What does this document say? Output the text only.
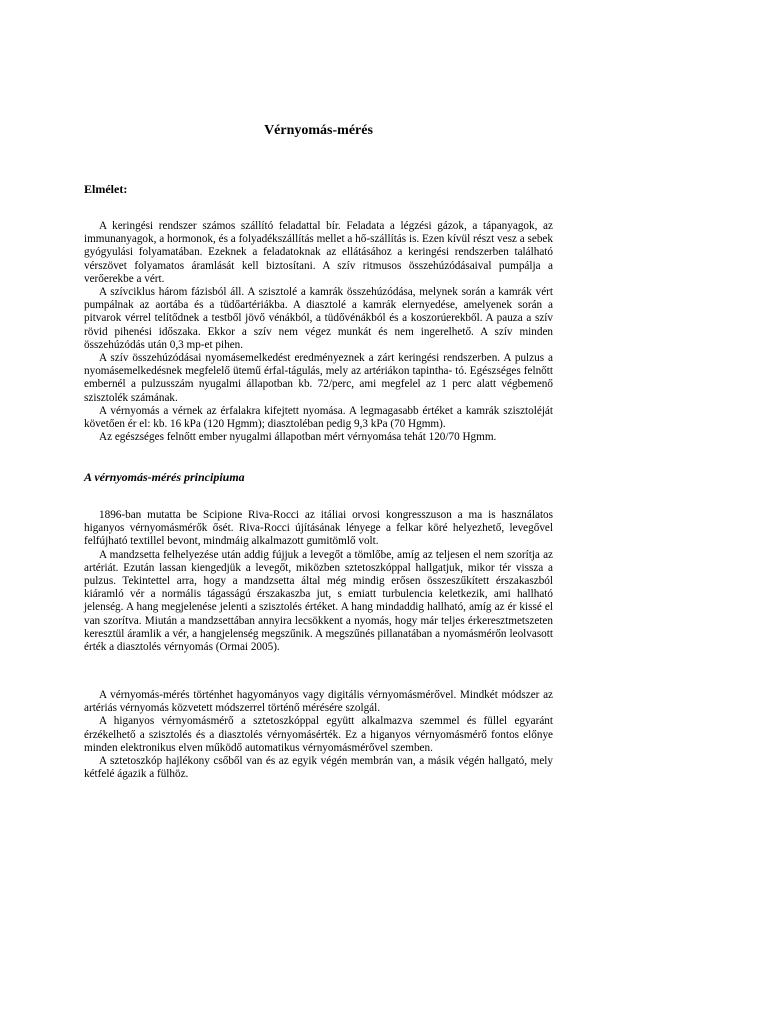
Vérnyomás-mérés
Elmélet:

A keringési rendszer számos szállító feladattal bír. Feladata a légzési gázok, a tápanyagok, az immunanyagok, a hormonok, és a folyadékszállítás mellet a hő-szállítás is. Ezen kívül részt vesz a sebek gyógyulási folyamatában. Ezeknek a feladatoknak az ellátásához a keringési rendszerben található vérszövet folyamatos áramlását kell biztosítani. A szív ritmusos összehúzódásaival pumpálja a verőerekbe a vért.

A szívciklus három fázisból áll. A szisztolé a kamrák összehúzódása, melynek során a kamrák vért pumpálnak az aortába és a tüdőartériákba. A diasztolé a kamrák elernyedése, amelyenek során a pitvarok vérrel telítődnek a testből jövő vénákból, a tüdővénákból és a koszorúerekből. A pauza a szív rövid pihenési időszaka. Ekkor a szív nem végez munkát és nem ingerelhető. A szív minden összehúzódás után 0,3 mp-et pihen.

A szív összehúzódásai nyomásemelkedést eredményeznek a zárt keringési rendszerben. A pulzus a nyomásemelkedésnek megfelelő ütemű érfal-tágulás, mely az artériákon tapintha- tó. Egészséges felnőtt embernél a pulzusszám nyugalmi állapotban kb. 72/perc, ami megfelel az 1 perc alatt végbemenő szisztolék számának.

A vérnyomás a vérnek az érfalakra kifejtett nyomása. A legmagasabb értéket a kamrák szisztoléját követően ér el: kb. 16 kPa (120 Hgmm); diasztoléban pedig 9,3 kPa (70 Hgmm).

Az egészséges felnőtt ember nyugalmi állapotban mért vérnyomása tehát 120/70 Hgmm.

A vérnyomás-mérés principiuma

1896-ban mutatta be Scipione Riva-Rocci az itáliai orvosi kongresszuson a ma is használatos higanyos vérnyomásmérők ősét. Riva-Rocci újításának lényege a felkar köré helyezhető, levegővel felfújható textillel bevont, mindmáig alkalmazott gumitömlő volt.

A mandzsetta felhelyezése után addig fújjuk a levegőt a tömlőbe, amíg az teljesen el nem szorítja az artériát. Ezután lassan kiengedjük a levegőt, miközben sztetoszkóppal hallgatjuk, mikor tér vissza a pulzus. Tekintettel arra, hogy a mandzsetta által még mindig erősen összeszűkített érszakaszból kiáramló vér a normális tágasságú érszakaszba jut, s emiatt turbulencia keletkezik, ami hallható jelenség. A hang megjelenése jelenti a szisztolés értéket. A hang mindaddig hallható, amíg az ér kissé el van szorítva. Miután a mandzsettában annyira lecsökkent a nyomás, hogy már teljes érkeresztmetszeten keresztül áramlik a vér, a hangjelenség megszűnik. A megszűnés pillanatában a nyomásmérőn leolvasott érték a diasztolés vérnyomás (Ormai 2005).

A vérnyomás-mérés történhet hagyományos vagy digitális vérnyomásmérővel. Mindkét módszer az artériás vérnyomás közvetett módszerrel történő mérésére szolgál.

A higanyos vérnyomásmérő a sztetoszkóppal együtt alkalmazva szemmel és füllel egyaránt érzékelhető a szisztolés és a diasztolés vérnyomásérték. Ez a higanyos vérnyomásmérő fontos előnye minden elektronikus elven működő automatikus vérnyomásmérővel szemben.

A sztetoszkóp hajlékony csőből van és az egyik végén membrán van, a másik végén hallgató, mely kétfelé ágazik a fülhöz.
